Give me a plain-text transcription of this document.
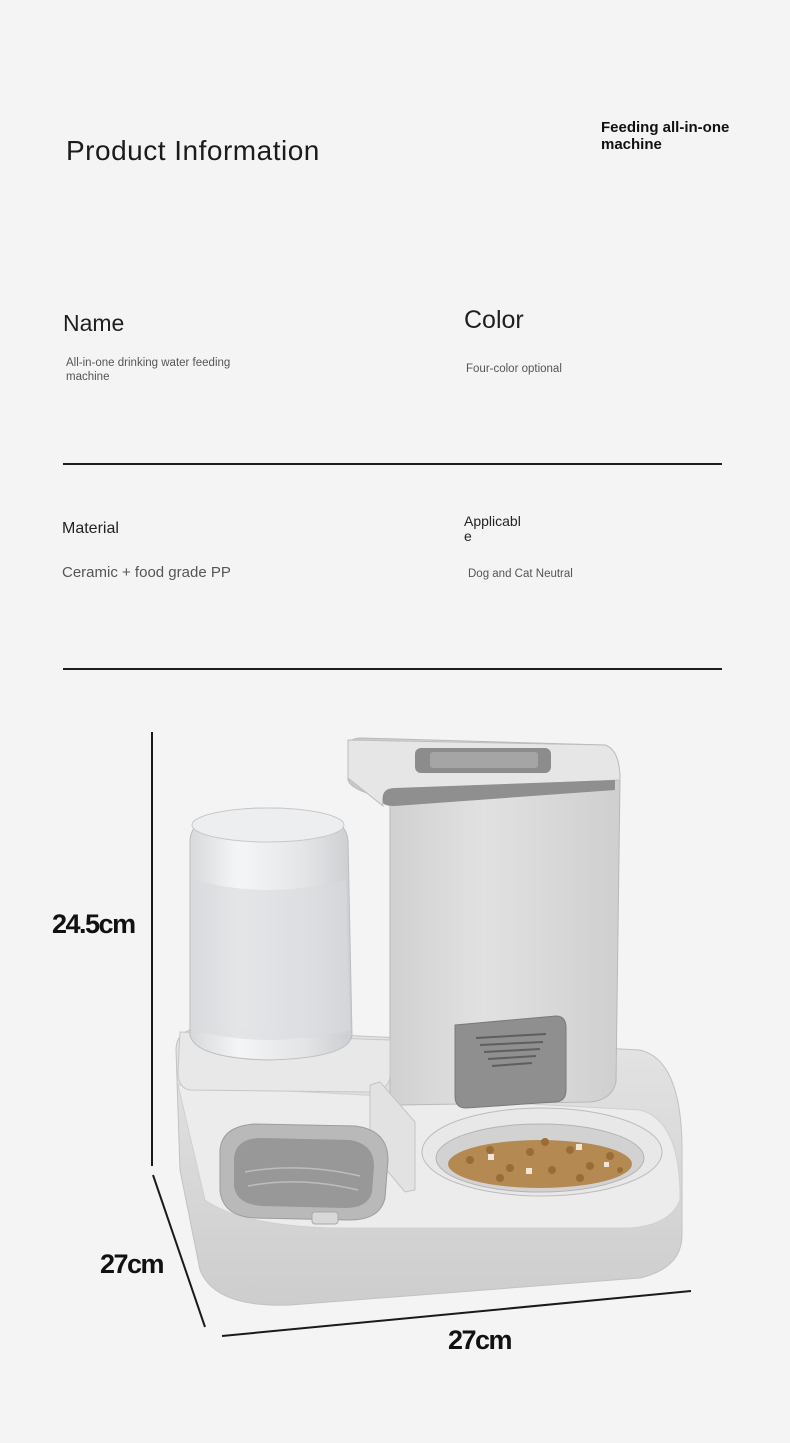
Product Information
Feeding all-in-one machine
Name
All-in-one drinking water feeding machine
Color
Four-color optional
Material
Ceramic + food grade PP
Applicabl
e
Dog and Cat Neutral
24.5cm
27cm
27cm
